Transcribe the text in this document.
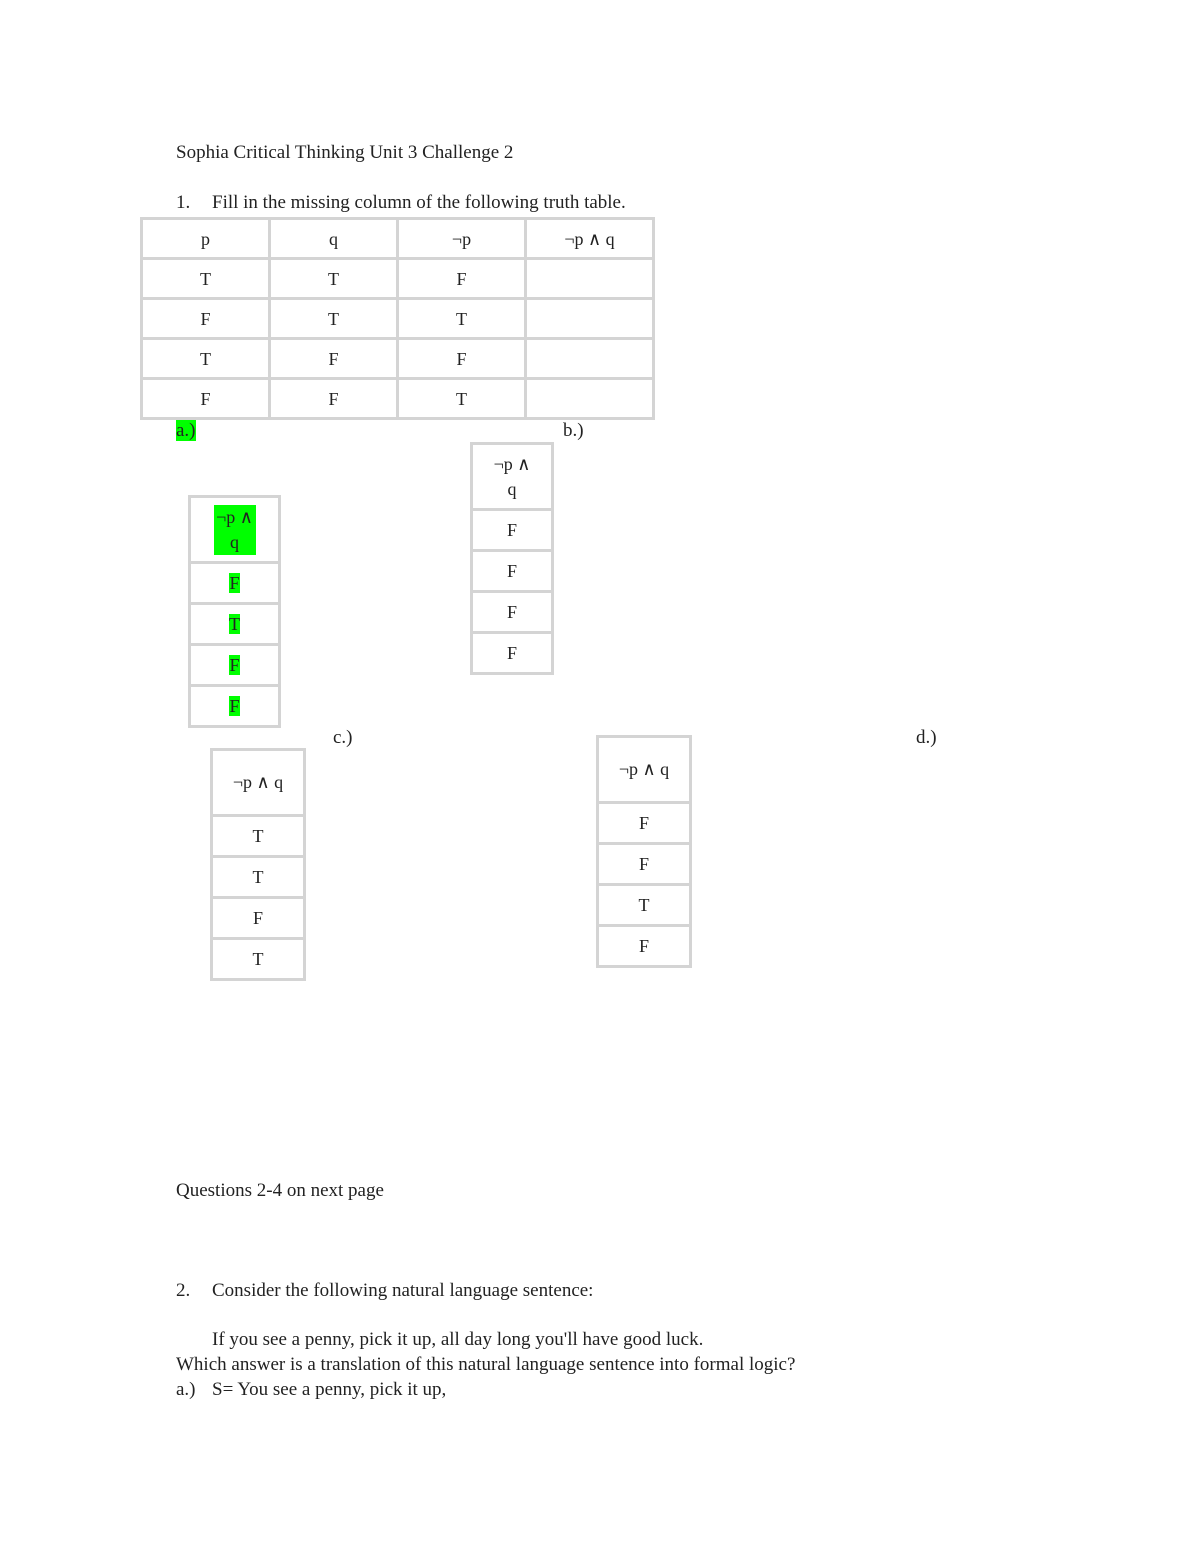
Sophia Critical Thinking Unit 3 Challenge 2
1. Fill in the missing column of the following truth table.
p	q	¬p	¬p ∧ q
T	T	F	
F	T	T	
T	F	F	
F	F	T	
a.)
¬p ∧ q
F
T
F
F
b.)
¬p ∧ q
F
F
F
F
c.)
¬p ∧ q
T
T
F
T
d.)
¬p ∧ q
F
F
T
F
Questions 2-4 on next page
2. Consider the following natural language sentence:
If you see a penny, pick it up, all day long you'll have good luck.
Which answer is a translation of this natural language sentence into formal logic?
a.) S= You see a penny, pick it up,
